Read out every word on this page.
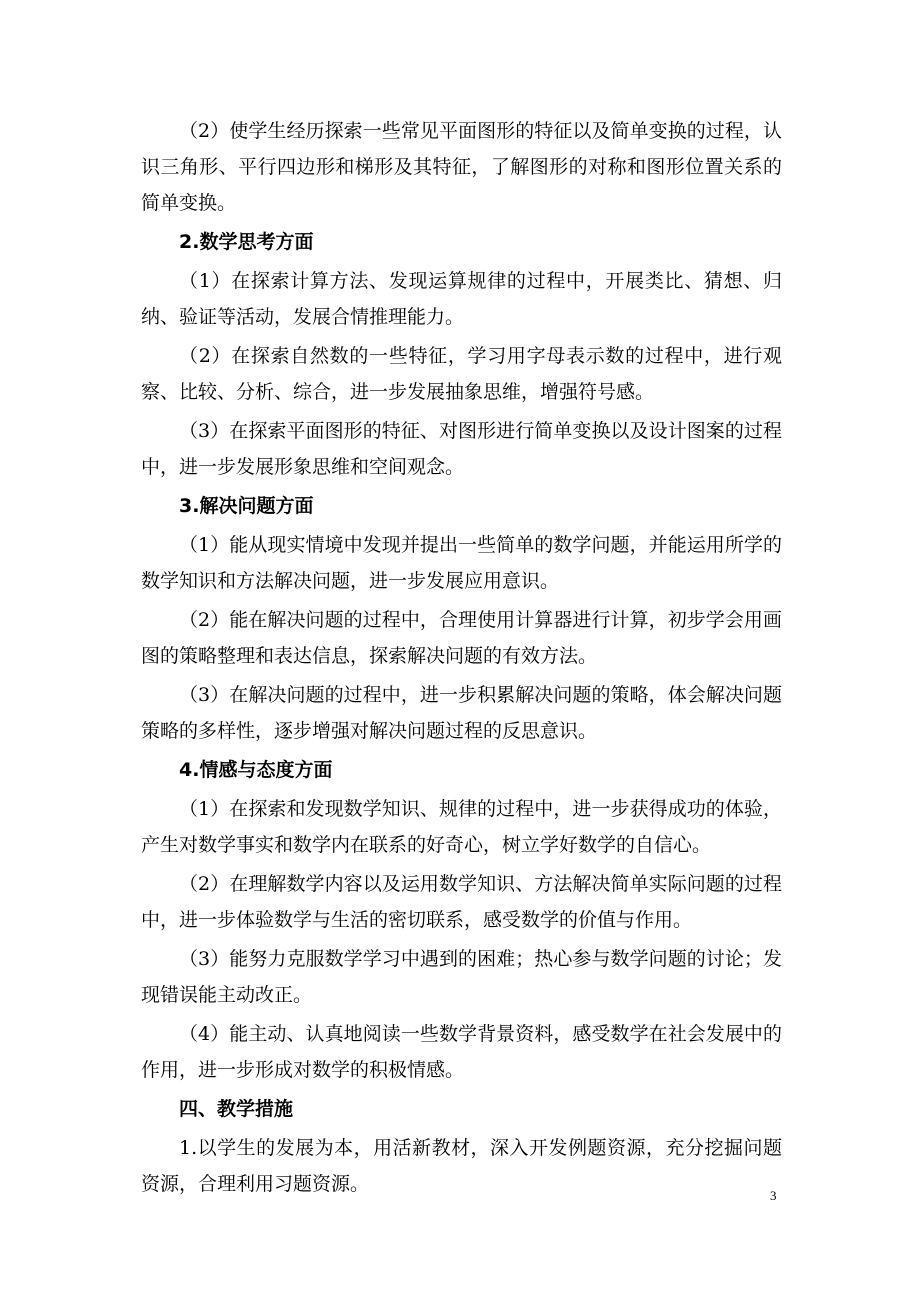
（2）使学生经历探索一些常见平面图形的特征以及简单变换的过程，认识三角形、平行四边形和梯形及其特征，了解图形的对称和图形位置关系的简单变换。

2.数学思考方面

（1）在探索计算方法、发现运算规律的过程中，开展类比、猜想、归纳、验证等活动，发展合情推理能力。

（2）在探索自然数的一些特征，学习用字母表示数的过程中，进行观察、比较、分析、综合，进一步发展抽象思维，增强符号感。

（3）在探索平面图形的特征、对图形进行简单变换以及设计图案的过程中，进一步发展形象思维和空间观念。

3.解决问题方面

（1）能从现实情境中发现并提出一些简单的数学问题，并能运用所学的数学知识和方法解决问题，进一步发展应用意识。

（2）能在解决问题的过程中，合理使用计算器进行计算，初步学会用画图的策略整理和表达信息，探索解决问题的有效方法。

（3）在解决问题的过程中，进一步积累解决问题的策略，体会解决问题策略的多样性，逐步增强对解决问题过程的反思意识。

4.情感与态度方面

（1）在探索和发现数学知识、规律的过程中，进一步获得成功的体验，产生对数学事实和数学内在联系的好奇心，树立学好数学的自信心。

（2）在理解数学内容以及运用数学知识、方法解决简单实际问题的过程中，进一步体验数学与生活的密切联系，感受数学的价值与作用。

（3）能努力克服数学学习中遇到的困难；热心参与数学问题的讨论；发现错误能主动改正。

（4）能主动、认真地阅读一些数学背景资料，感受数学在社会发展中的作用，进一步形成对数学的积极情感。

四、教学措施

1.以学生的发展为本，用活新教材，深入开发例题资源，充分挖掘问题资源，合理利用习题资源。

3
